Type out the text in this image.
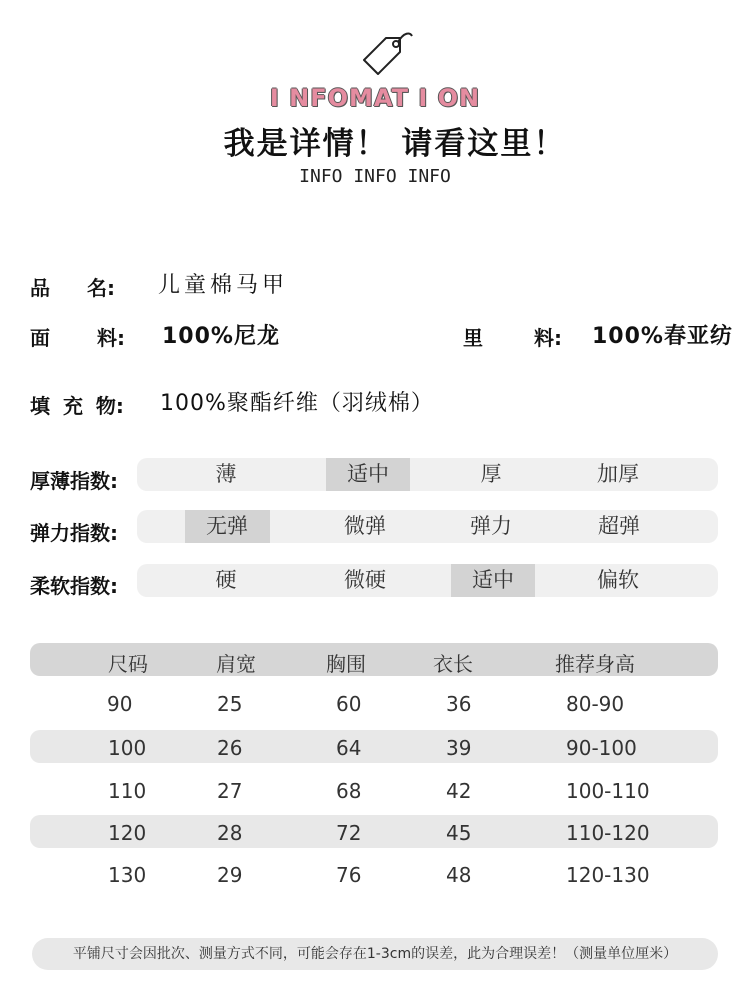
I NFOMAT I ON
我是详情！ 请看这里！
INFO INFO INFO
品 名: 儿童棉马甲
面 料: 100%尼龙	里 料: 100%春亚纺
填 充 物: 100%聚酯纤维（羽绒棉）
厚薄指数:	薄	适中	厚	加厚
弹力指数:	无弹	微弹	弹力	超弹
柔软指数:	硬	微硬	适中	偏软
尺码	肩宽	胸围	衣长	推荐身高
90	25	60	36	80-90
100	26	64	39	90-100
110	27	68	42	100-110
120	28	72	45	110-120
130	29	76	48	120-130
平铺尺寸会因批次、测量方式不同，可能会存在1-3cm的误差，此为合理误差！（测量单位厘米）
